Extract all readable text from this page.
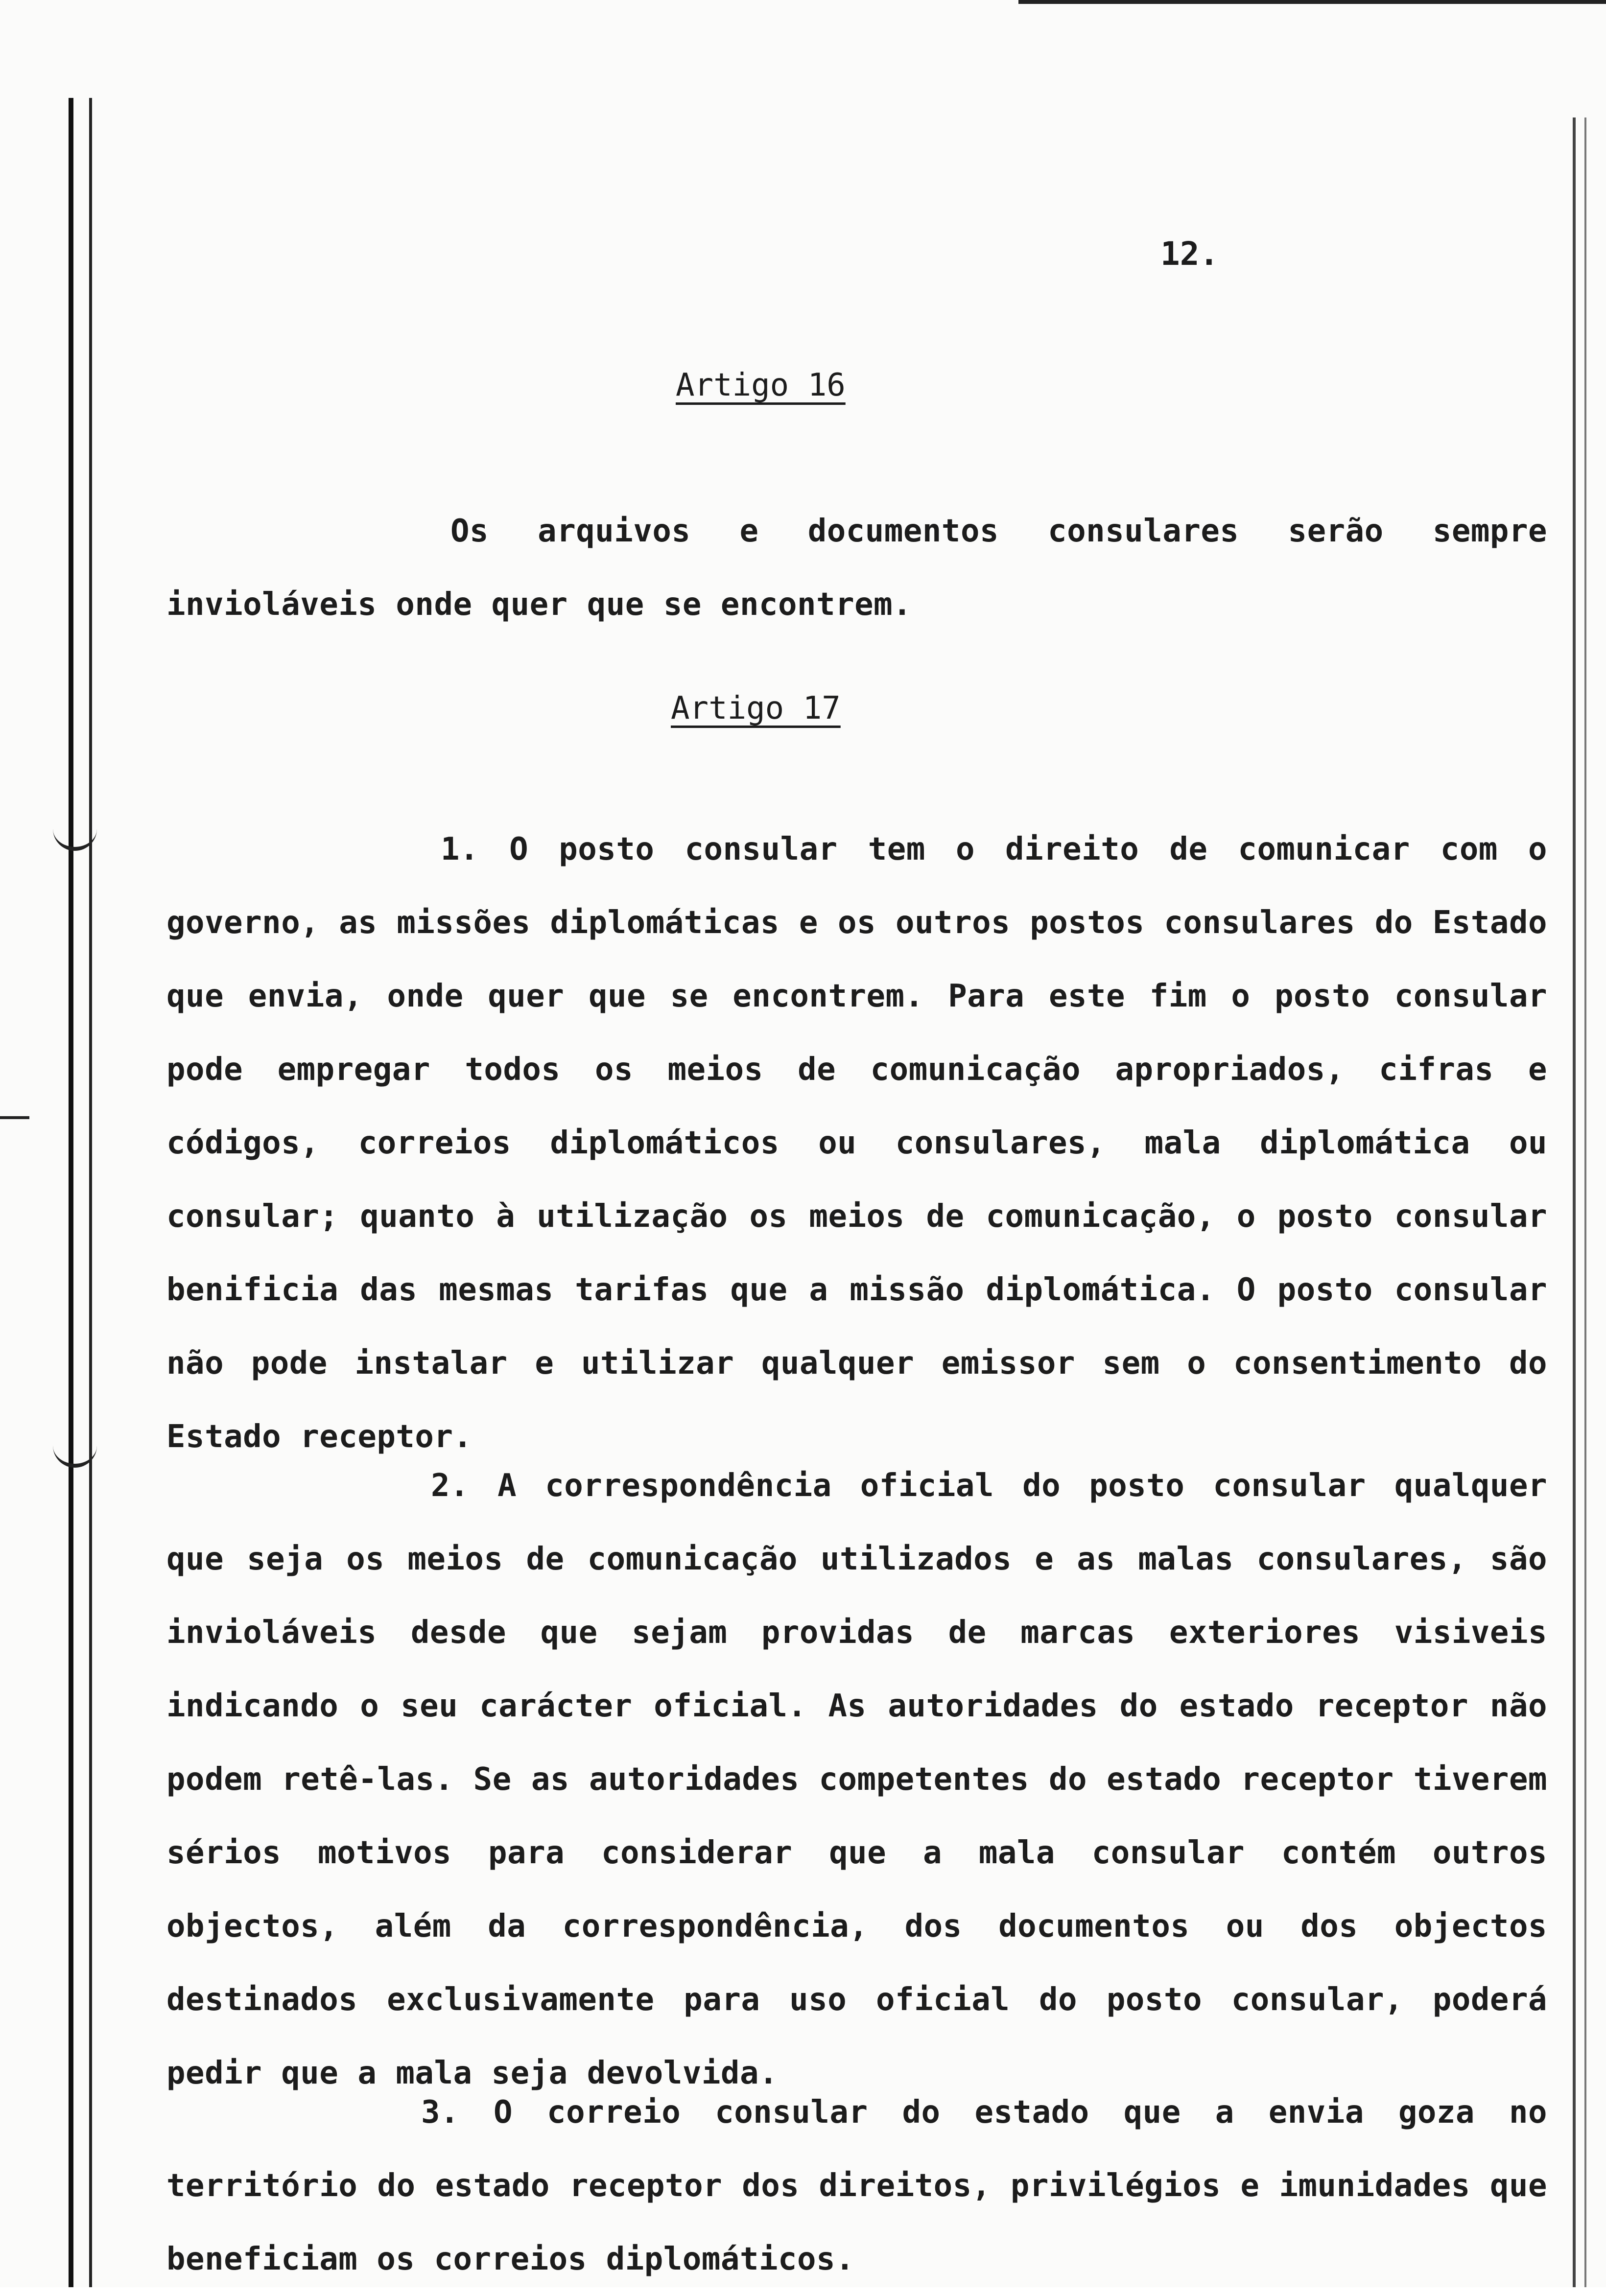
12.
Artigo 16
Os arquivos e documentos consulares serão sempre invioláveis onde quer que se encontrem.
Artigo 17
1. O posto consular tem o direito de comunicar com o governo, as missões diplomáticas e os outros postos consulares do Estado que envia, onde quer que se encontrem. Para este fim o posto consular pode empregar todos os meios de comunicação apropriados, cifras e códigos, correios diplomáticos ou consulares, mala diplomática ou consular; quanto à utilização os meios de comunicação, o posto consular benificia das mesmas tarifas que a missão diplomática. O posto consular não pode instalar e utilizar qualquer emissor sem o consentimento do Estado receptor.
2. A correspondência oficial do posto consular qualquer que seja os meios de comunicação utilizados e as malas consulares, são invioláveis desde que sejam providas de marcas exteriores visiveis indicando o seu carácter oficial. As autoridades do estado receptor não podem retê-las. Se as autoridades competentes do estado receptor tiverem sérios motivos para considerar que a mala consular contém outros objectos, além da correspondência, dos documentos ou dos objectos destinados exclusivamente para uso oficial do posto consular, poderá pedir que a mala seja devolvida.
3. O correio consular do estado que a envia goza no território do estado receptor dos direitos, privilégios e imunidades que beneficiam os correios diplomáticos.
